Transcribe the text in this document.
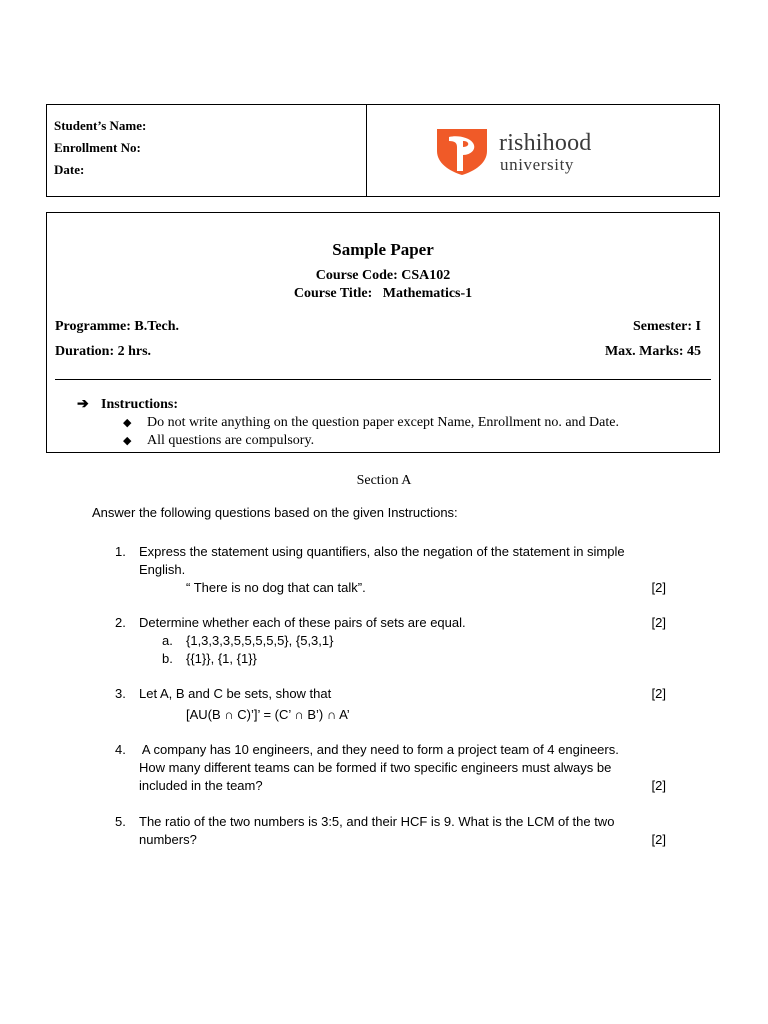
Student’s Name:
Enrollment No:
Date:
rishihood
university
Sample Paper
Course Code: CSA102
Course Title:   Mathematics-1
Programme: B.Tech.	Semester: I
Duration: 2 hrs.	Max. Marks: 45
➔ Instructions:
◆ Do not write anything on the question paper except Name, Enrollment no. and Date.
◆ All questions are compulsory.
Section A
Answer the following questions based on the given Instructions:
1. Express the statement using quantifiers, also the negation of the statement in simple
English.
“ There is no dog that can talk”.	[2]
2. Determine whether each of these pairs of sets are equal.	[2]
a. {1,3,3,3,5,5,5,5,5}, {5,3,1}
b. {{1}}, {1, {1}}
3. Let A, B and C be sets, show that	[2]
[AU(B ∩ C)’]’ = (C’ ∩ B’) ∩ A’
4. A company has 10 engineers, and they need to form a project team of 4 engineers.
How many different teams can be formed if two specific engineers must always be
included in the team?	[2]
5. The ratio of the two numbers is 3:5, and their HCF is 9. What is the LCM of the two
numbers?	[2]
